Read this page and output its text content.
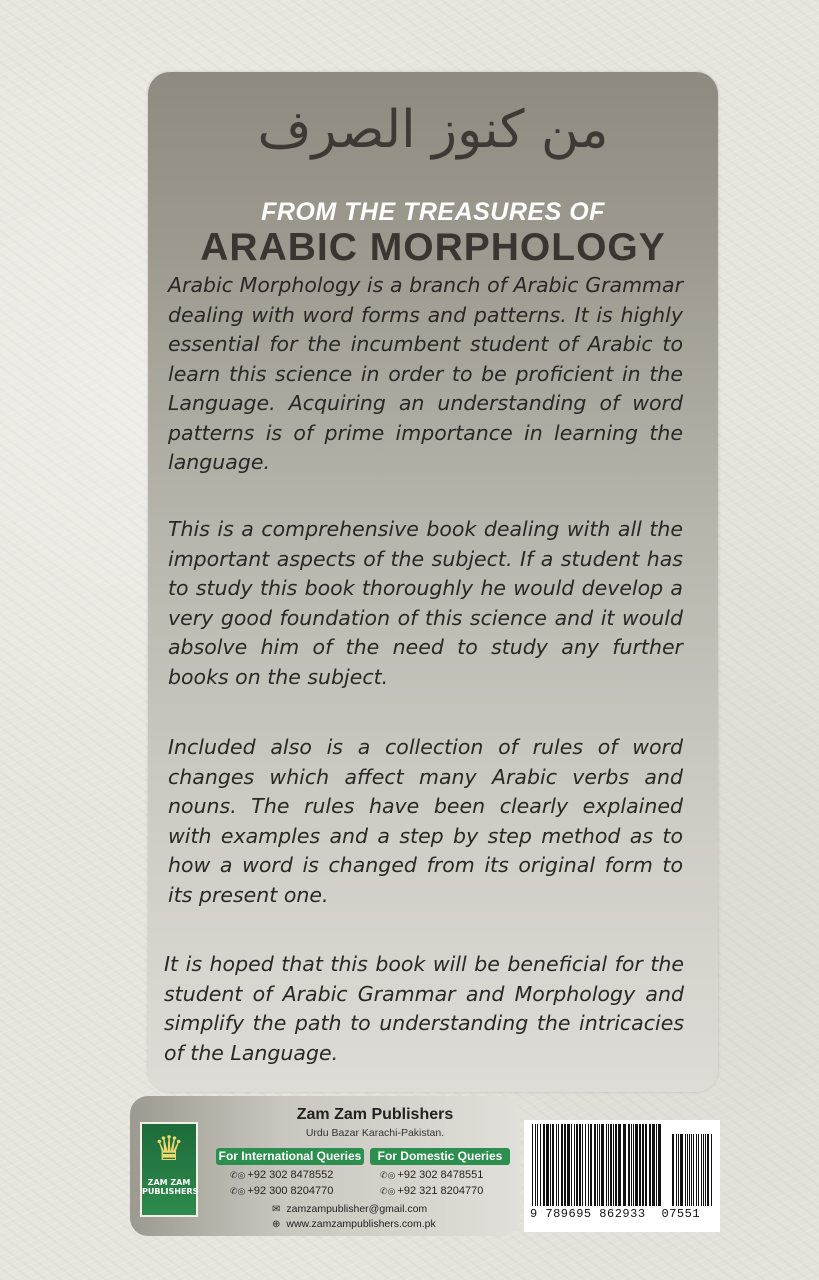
من كنوز الصرف
FROM THE TREASURES OF
ARABIC MORPHOLOGY

Arabic Morphology is a branch of Arabic Grammar dealing with word forms and patterns. It is highly essential for the incumbent student of Arabic to learn this science in order to be proficient in the Language. Acquiring an understanding of word patterns is of prime importance in learning the language.

This is a comprehensive book dealing with all the important aspects of the subject. If a student has to study this book thoroughly he would develop a very good foundation of this science and it would absolve him of the need to study any further books on the subject.

Included also is a collection of rules of word changes which affect many Arabic verbs and nouns. The rules have been clearly explained with examples and a step by step method as to how a word is changed from its original form to its present one.

It is hoped that this book will be beneficial for the student of Arabic Grammar and Morphology and simplify the path to understanding the intricacies of the Language.

♛
ZAM ZAM PUBLISHERS
Zam Zam Publishers
Urdu Bazar Karachi-Pakistan.
For International Queries	For Domestic Queries
✆◎ +92 302 8478552
✆◎ +92 300 8204770
✆◎ +92 302 8478551
✆◎ +92 321 8204770
✉ zamzampublisher@gmail.com
⊕ www.zamzampublishers.com.pk
9 789695 862933 07551
